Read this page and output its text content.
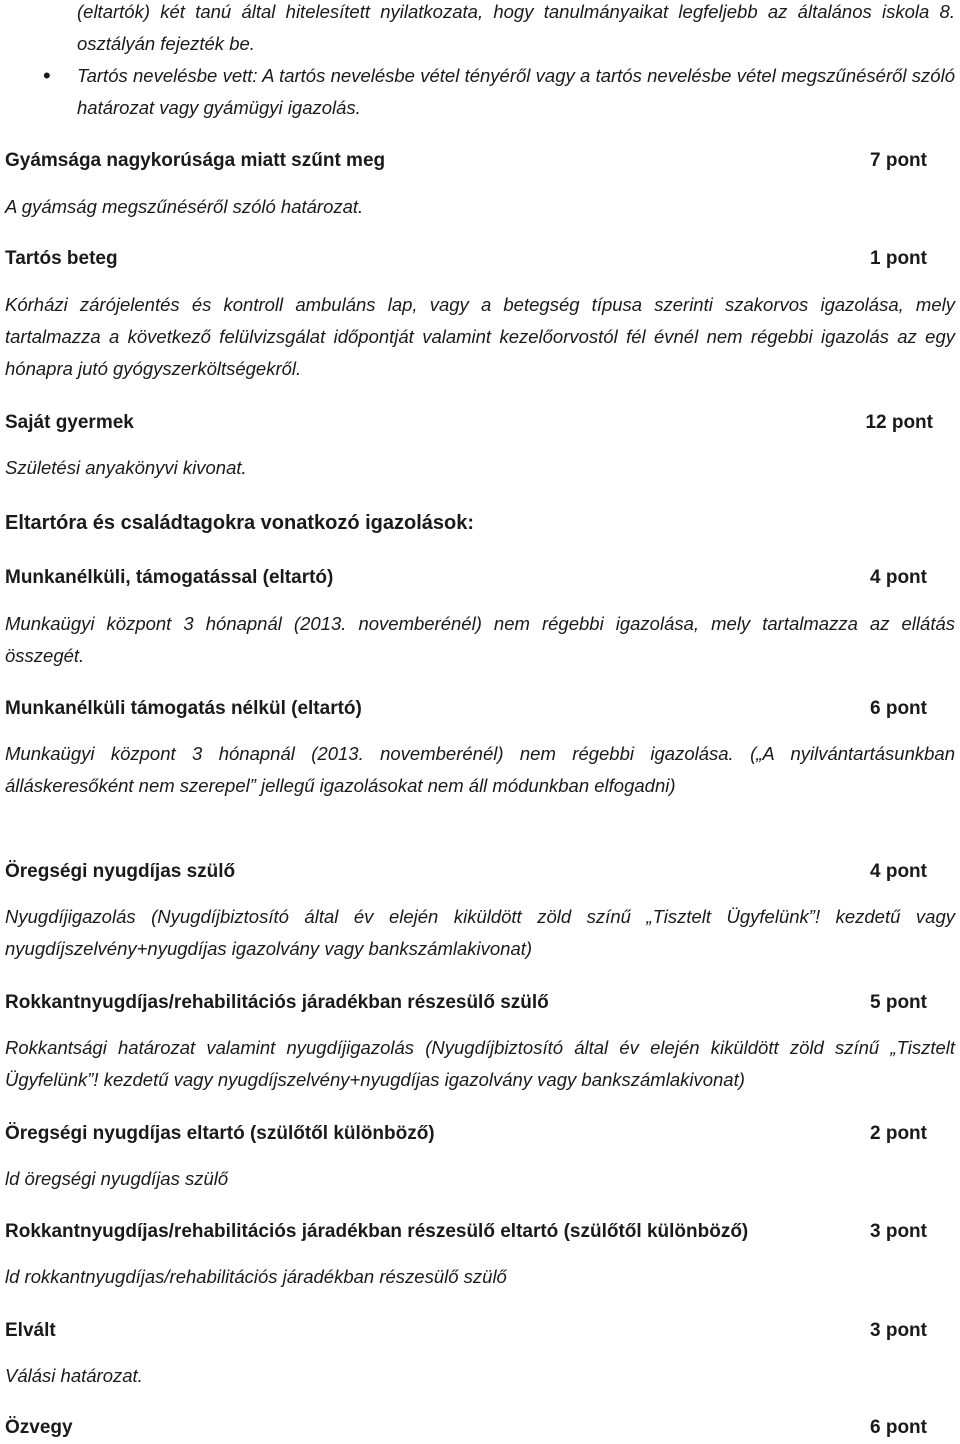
(eltartók) két tanú által hitelesített nyilatkozata, hogy tanulmányaikat legfeljebb az általános iskola 8. osztályán fejezték be.
• Tartós nevelésbe vett: A tartós nevelésbe vétel tényéről vagy a tartós nevelésbe vétel megszűnéséről szóló határozat vagy gyámügyi igazolás.
Gyámsága nagykorúsága miatt szűnt meg	7 pont
A gyámság megszűnéséről szóló határozat.
Tartós beteg	1 pont
Kórházi zárójelentés és kontroll ambuláns lap, vagy a betegség típusa szerinti szakorvos igazolása, mely tartalmazza a következő felülvizsgálat időpontját valamint kezelőorvostól fél évnél nem régebbi igazolás az egy hónapra jutó gyógyszerköltségekről.
Saját gyermek	12 pont
Születési anyakönyvi kivonat.
Eltartóra és családtagokra vonatkozó igazolások:
Munkanélküli, támogatással (eltartó)	4 pont
Munkaügyi központ 3 hónapnál (2013. novemberénél) nem régebbi igazolása, mely tartalmazza az ellátás összegét.
Munkanélküli támogatás nélkül (eltartó)	6 pont
Munkaügyi központ 3 hónapnál (2013. novemberénél) nem régebbi igazolása. („A nyilvántartásunkban álláskeresőként nem szerepel” jellegű igazolásokat nem áll módunkban elfogadni)
Öregségi nyugdíjas szülő	4 pont
Nyugdíjigazolás (Nyugdíjbiztosító által év elején kiküldött zöld színű „Tisztelt Ügyfelünk”! kezdetű vagy nyugdíjszelvény+nyugdíjas igazolvány vagy bankszámlakivonat)
Rokkantnyugdíjas/rehabilitációs járadékban részesülő szülő	5 pont
Rokkantsági határozat valamint nyugdíjigazolás (Nyugdíjbiztosító által év elején kiküldött zöld színű „Tisztelt Ügyfelünk”! kezdetű vagy nyugdíjszelvény+nyugdíjas igazolvány vagy bankszámlakivonat)
Öregségi nyugdíjas eltartó (szülőtől különböző)	2 pont
ld öregségi nyugdíjas szülő
Rokkantnyugdíjas/rehabilitációs járadékban részesülő eltartó (szülőtől különböző)	3 pont
ld rokkantnyugdíjas/rehabilitációs járadékban részesülő szülő
Elvált	3 pont
Válási határozat.
Özvegy	6 pont
